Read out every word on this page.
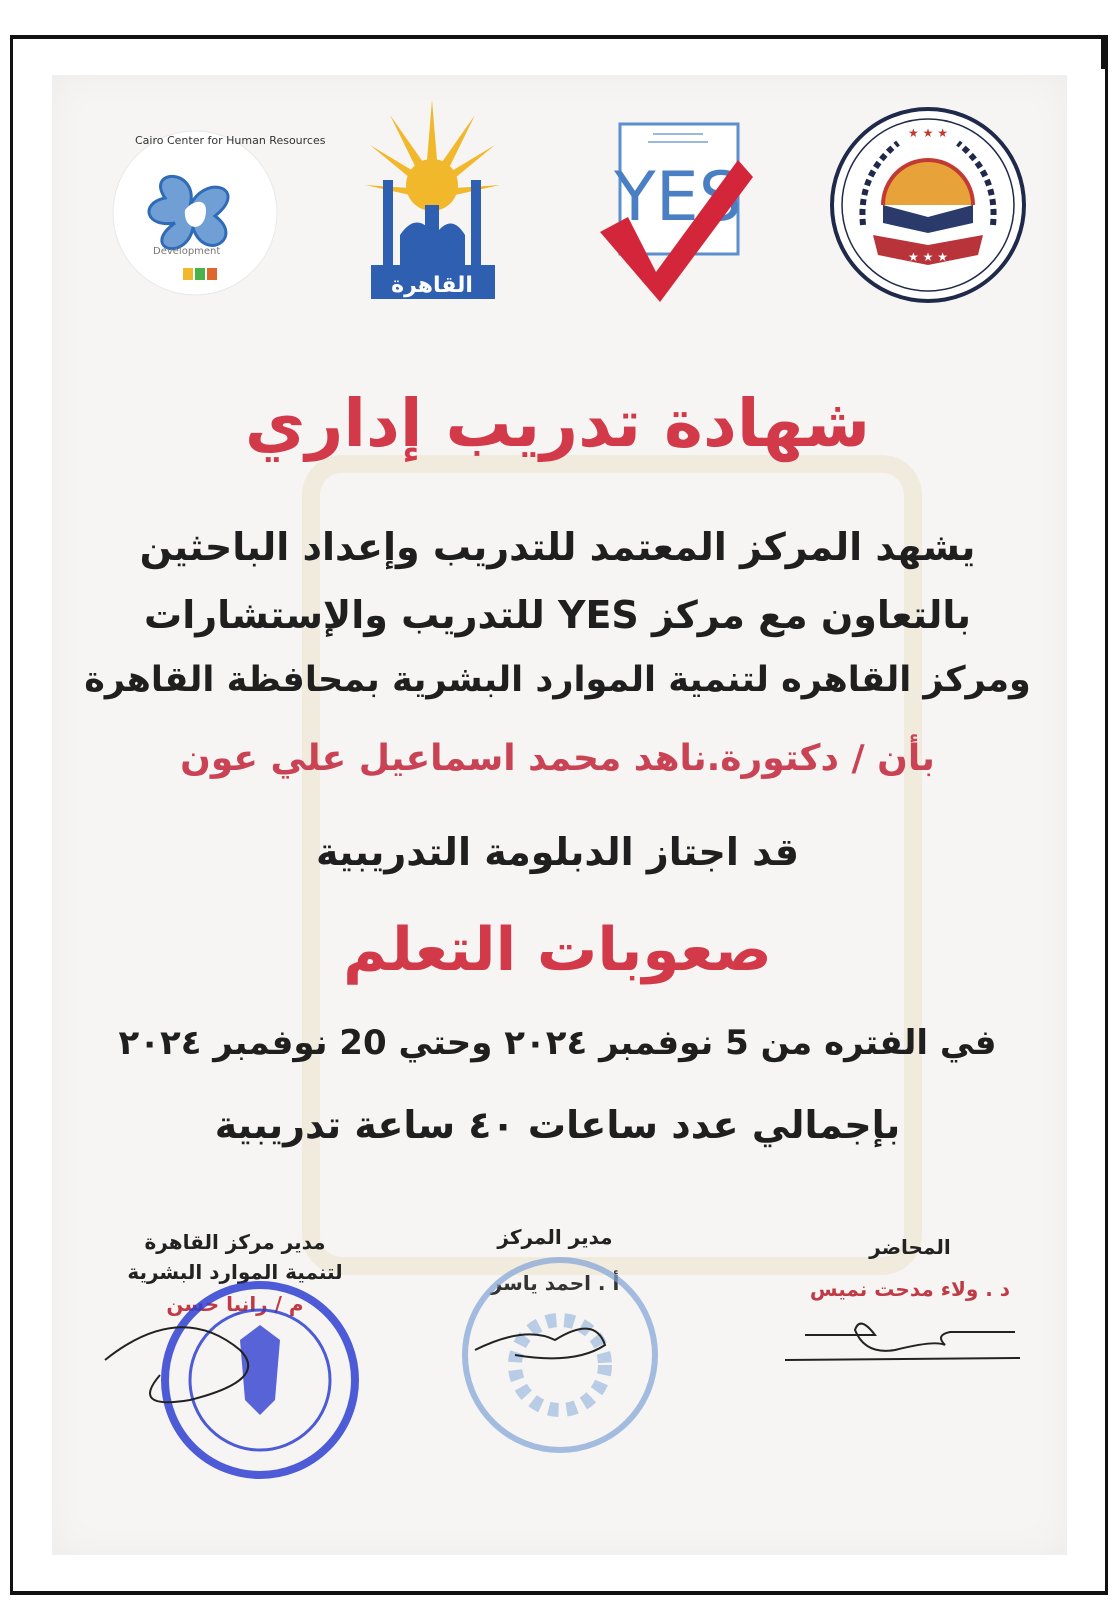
Cairo Center for Human Resources
Development
القاهرة
YES
★ ★ ★
★ ★ ★
شهادة تدريب إداري
يشهد المركز المعتمد للتدريب وإعداد الباحثين
بالتعاون مع مركز YES للتدريب والإستشارات
ومركز القاهره لتنمية الموارد البشرية بمحافظة القاهرة
بأن / دكتورة.ناهد محمد اسماعيل علي عون
قد اجتاز الدبلومة التدريبية
صعوبات التعلم
في الفتره من 5 نوفمبر ٢٠٢٤ وحتي 20 نوفمبر ٢٠٢٤
بإجمالي عدد ساعات ٤٠ ساعة تدريبية
مدير مركز القاهرة
لتنمية الموارد البشرية
م / رانيا حسن
مدير المركز
أ . احمد ياسر
المحاضر
د . ولاء مدحت نميس
